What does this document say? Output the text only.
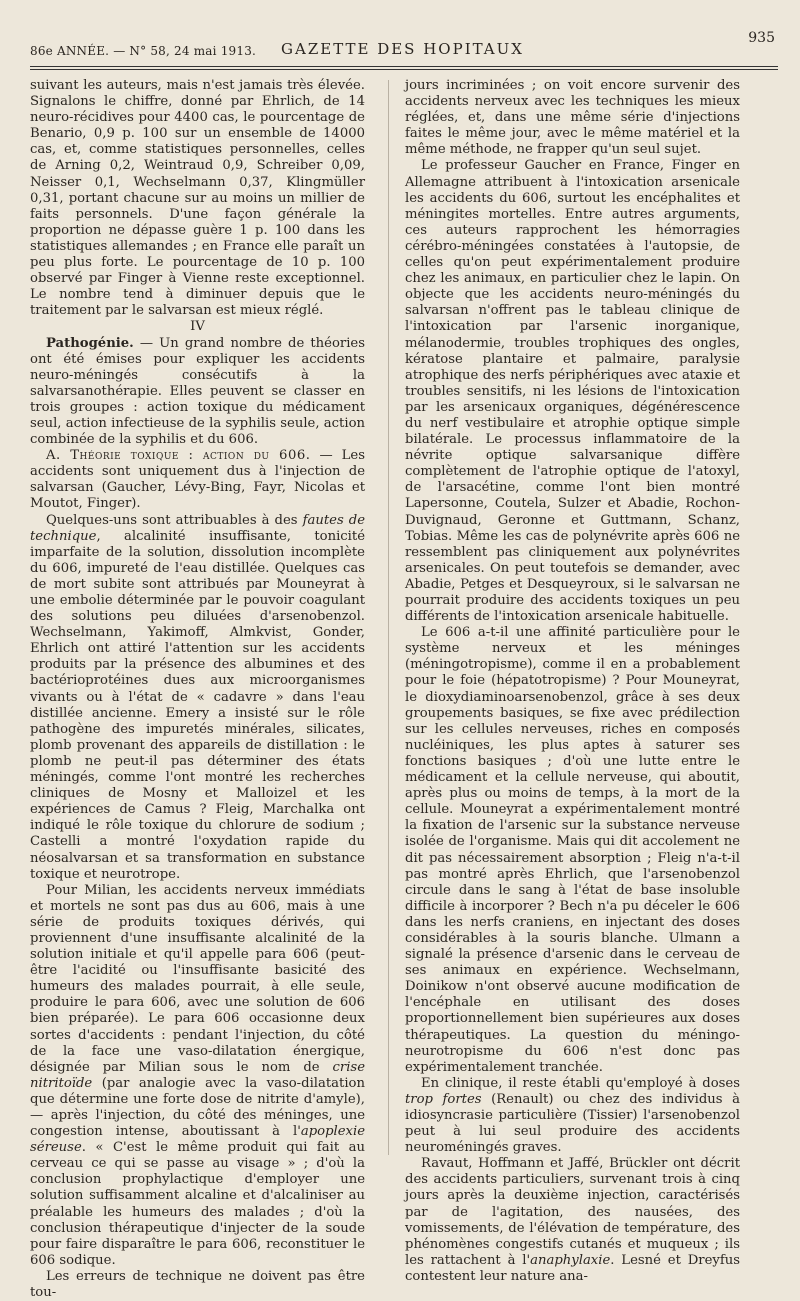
86e ANNÉE. — N° 58, 24 mai 1913.	GAZETTE DES HOPITAUX
935

suivant les auteurs, mais n'est jamais très élevée. Signalons le chiffre, donné par Ehrlich, de 14 neuro-récidives pour 4400 cas, le pourcentage de Benario, 0,9 p. 100 sur un ensemble de 14000 cas, et, comme statistiques personnelles, celles de Arning 0,2, Weintraud 0,9, Schreiber 0,09, Neisser 0,1, Wechselmann 0,37, Klingmüller 0,31, portant chacune sur au moins un millier de faits personnels. D'une façon générale la proportion ne dépasse guère 1 p. 100 dans les statistiques allemandes ; en France elle paraît un peu plus forte. Le pourcentage de 10 p. 100 observé par Finger à Vienne reste exceptionnel. Le nombre tend à diminuer depuis que le traitement par le salvarsan est mieux réglé.

IV

Pathogénie. — Un grand nombre de théories ont été émises pour expliquer les accidents neuro-méningés consécutifs à la salvarsanothérapie. Elles peuvent se classer en trois groupes : action toxique du médicament seul, action infectieuse de la syphilis seule, action combinée de la syphilis et du 606.

A. Théorie toxique : action du 606. — Les accidents sont uniquement dus à l'injection de salvarsan (Gaucher, Lévy-Bing, Fayr, Nicolas et Moutot, Finger).

Quelques-uns sont attribuables à des fautes de technique, alcalinité insuffisante, tonicité imparfaite de la solution, dissolution incomplète du 606, impureté de l'eau distillée. Quelques cas de mort subite sont attribués par Mouneyrat à une embolie déterminée par le pouvoir coagulant des solutions peu diluées d'arsenobenzol. Wechselmann, Yakimoff, Almkvist, Gonder, Ehrlich ont attiré l'attention sur les accidents produits par la présence des albumines et des bactérioprotéines dues aux microorganismes vivants ou à l'état de « cadavre » dans l'eau distillée ancienne. Emery a insisté sur le rôle pathogène des impuretés minérales, silicates, plomb provenant des appareils de distillation : le plomb ne peut-il pas déterminer des états méningés, comme l'ont montré les recherches cliniques de Mosny et Malloizel et les expériences de Camus ? Fleig, Marchalka ont indiqué le rôle toxique du chlorure de sodium ; Castelli a montré l'oxydation rapide du néosalvarsan et sa transformation en substance toxique et neurotrope.

Pour Milian, les accidents nerveux immédiats et mortels ne sont pas dus au 606, mais à une série de produits toxiques dérivés, qui proviennent d'une insuffisante alcalinité de la solution initiale et qu'il appelle para 606 (peut-être l'acidité ou l'insuffisante basicité des humeurs des malades pourrait, à elle seule, produire le para 606, avec une solution de 606 bien préparée). Le para 606 occasionne deux sortes d'accidents : pendant l'injection, du côté de la face une vaso-dilatation énergique, désignée par Milian sous le nom de crise nitritoïde (par analogie avec la vaso-dilatation que détermine une forte dose de nitrite d'amyle), — après l'injection, du côté des méninges, une congestion intense, aboutissant à l'apoplexie séreuse. « C'est le même produit qui fait au cerveau ce qui se passe au visage » ; d'où la conclusion prophylactique d'employer une solution suffisamment alcaline et d'alcaliniser au préalable les humeurs des malades ; d'où la conclusion thérapeutique d'injecter de la soude pour faire disparaître le para 606, reconstituer le 606 sodique.

Les erreurs de technique ne doivent pas être tou-

jours incriminées ; on voit encore survenir des accidents nerveux avec les techniques les mieux réglées, et, dans une même série d'injections faites le même jour, avec le même matériel et la même méthode, ne frapper qu'un seul sujet.

Le professeur Gaucher en France, Finger en Allemagne attribuent à l'intoxication arsenicale les accidents du 606, surtout les encéphalites et méningites mortelles. Entre autres arguments, ces auteurs rapprochent les hémorragies cérébro-méningées constatées à l'autopsie, de celles qu'on peut expérimentalement produire chez les animaux, en particulier chez le lapin. On objecte que les accidents neuro-méningés du salvarsan n'offrent pas le tableau clinique de l'intoxication par l'arsenic inorganique, mélanodermie, troubles trophiques des ongles, kératose plantaire et palmaire, paralysie atrophique des nerfs périphériques avec ataxie et troubles sensitifs, ni les lésions de l'intoxication par les arsenicaux organiques, dégénérescence du nerf vestibulaire et atrophie optique simple bilatérale. Le processus inflammatoire de la névrite optique salvarsanique diffère complètement de l'atrophie optique de l'atoxyl, de l'arsacétine, comme l'ont bien montré Lapersonne, Coutela, Sulzer et Abadie, Rochon-Duvignaud, Geronne et Guttmann, Schanz, Tobias. Même les cas de polynévrite après 606 ne ressemblent pas cliniquement aux polynévrites arsenicales. On peut toutefois se demander, avec Abadie, Petges et Desqueyroux, si le salvarsan ne pourrait produire des accidents toxiques un peu différents de l'intoxication arsenicale habituelle.

Le 606 a-t-il une affinité particulière pour le système nerveux et les méninges (méningotropisme), comme il en a probablement pour le foie (hépatotropisme) ? Pour Mouneyrat, le dioxydiaminoarsenobenzol, grâce à ses deux groupements basiques, se fixe avec prédilection sur les cellules nerveuses, riches en composés nucléiniques, les plus aptes à saturer ses fonctions basiques ; d'où une lutte entre le médicament et la cellule nerveuse, qui aboutit, après plus ou moins de temps, à la mort de la cellule. Mouneyrat a expérimentalement montré la fixation de l'arsenic sur la substance nerveuse isolée de l'organisme. Mais qui dit accolement ne dit pas nécessairement absorption ; Fleig n'a-t-il pas montré après Ehrlich, que l'arsenobenzol circule dans le sang à l'état de base insoluble difficile à incorporer ? Bech n'a pu déceler le 606 dans les nerfs craniens, en injectant des doses considérables à la souris blanche. Ulmann a signalé la présence d'arsenic dans le cerveau de ses animaux en expérience. Wechselmann, Doinikow n'ont observé aucune modification de l'encéphale en utilisant des doses proportionnellement bien supérieures aux doses thérapeutiques. La question du méningo-neurotropisme du 606 n'est donc pas expérimentalement tranchée.

En clinique, il reste établi qu'employé à doses trop fortes (Renault) ou chez des individus à idiosyncrasie particulière (Tissier) l'arsenobenzol peut à lui seul produire des accidents neuroméningés graves.

Ravaut, Hoffmann et Jaffé, Brückler ont décrit des accidents particuliers, survenant trois à cinq jours après la deuxième injection, caractérisés par de l'agitation, des nausées, des vomissements, de l'élévation de température, des phénomènes congestifs cutanés et muqueux ; ils les rattachent à l'anaphylaxie. Lesné et Dreyfus contestent leur nature ana-
